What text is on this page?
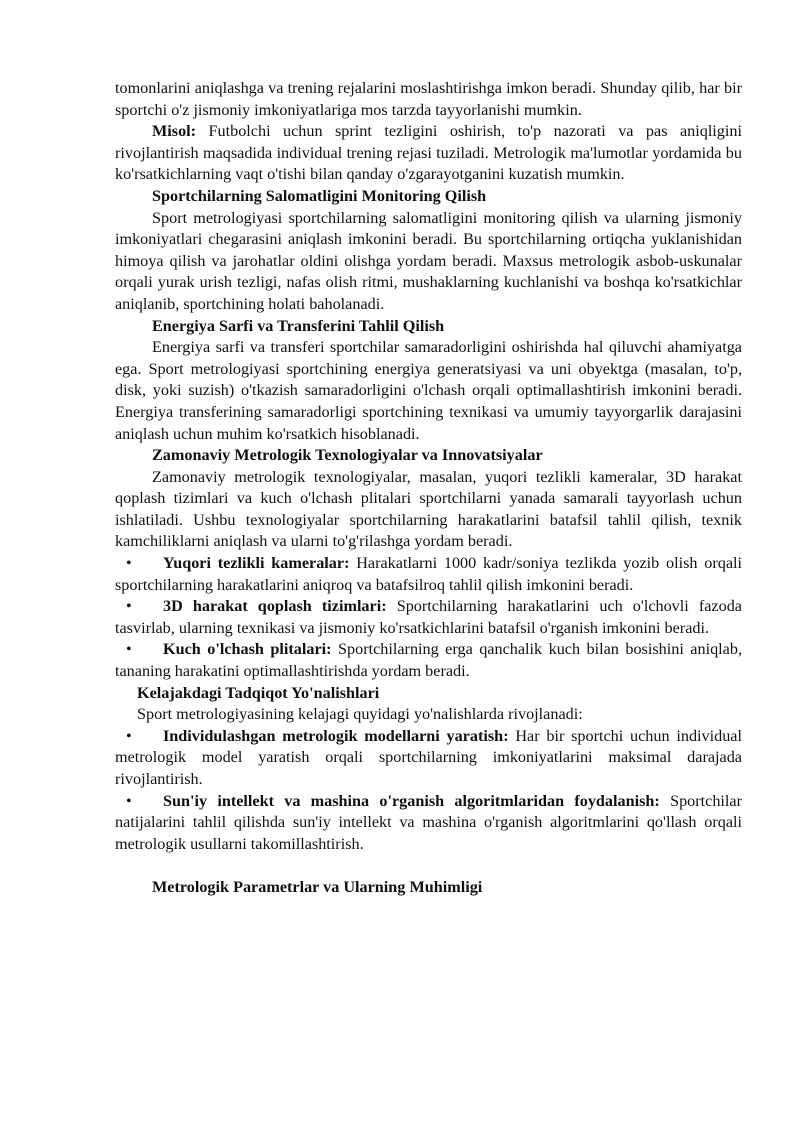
tomonlarini aniqlashga va trening rejalarini moslashtirishga imkon beradi. Shunday qilib, har bir sportchi o'z jismoniy imkoniyatlariga mos tarzda tayyorlanishi mumkin.

Misol: Futbolchi uchun sprint tezligini oshirish, to'p nazorati va pas aniqligini rivojlantirish maqsadida individual trening rejasi tuziladi. Metrologik ma'lumotlar yordamida bu ko'rsatkichlarning vaqt o'tishi bilan qanday o'zgarayotganini kuzatish mumkin.

Sportchilarning Salomatligini Monitoring Qilish

Sport metrologiyasi sportchilarning salomatligini monitoring qilish va ularning jismoniy imkoniyatlari chegarasini aniqlash imkonini beradi. Bu sportchilarning ortiqcha yuklanishidan himoya qilish va jarohatlar oldini olishga yordam beradi. Maxsus metrologik asbob-uskunalar orqali yurak urish tezligi, nafas olish ritmi, mushaklarning kuchlanishi va boshqa ko'rsatkichlar aniqlanib, sportchining holati baholanadi.

Energiya Sarfi va Transferini Tahlil Qilish

Energiya sarfi va transferi sportchilar samaradorligini oshirishda hal qiluvchi ahamiyatga ega. Sport metrologiyasi sportchining energiya generatsiyasi va uni obyektga (masalan, to'p, disk, yoki suzish) o'tkazish samaradorligini o'lchash orqali optimallashtirish imkonini beradi. Energiya transferining samaradorligi sportchining texnikasi va umumiy tayyorgarlik darajasini aniqlash uchun muhim ko'rsatkich hisoblanadi.

Zamonaviy Metrologik Texnologiyalar va Innovatsiyalar

Zamonaviy metrologik texnologiyalar, masalan, yuqori tezlikli kameralar, 3D harakat qoplash tizimlari va kuch o'lchash plitalari sportchilarni yanada samarali tayyorlash uchun ishlatiladi. Ushbu texnologiyalar sportchilarning harakatlarini batafsil tahlil qilish, texnik kamchiliklarni aniqlash va ularni to'g'rilashga yordam beradi.

• Yuqori tezlikli kameralar: Harakatlarni 1000 kadr/soniya tezlikda yozib olish orqali sportchilarning harakatlarini aniqroq va batafsilroq tahlil qilish imkonini beradi.

• 3D harakat qoplash tizimlari: Sportchilarning harakatlarini uch o'lchovli fazoda tasvirlab, ularning texnikasi va jismoniy ko'rsatkichlarini batafsil o'rganish imkonini beradi.

• Kuch o'lchash plitalari: Sportchilarning erga qanchalik kuch bilan bosishini aniqlab, tananing harakatini optimallashtirishda yordam beradi.

Kelajakdagi Tadqiqot Yo'nalishlari

Sport metrologiyasining kelajagi quyidagi yo'nalishlarda rivojlanadi:

• Individulashgan metrologik modellarni yaratish: Har bir sportchi uchun individual metrologik model yaratish orqali sportchilarning imkoniyatlarini maksimal darajada rivojlantirish.

• Sun'iy intellekt va mashina o'rganish algoritmlaridan foydalanish: Sportchilar natijalarini tahlil qilishda sun'iy intellekt va mashina o'rganish algoritmlarini qo'llash orqali metrologik usullarni takomillashtirish.

Metrologik Parametrlar va Ularning Muhimligi
